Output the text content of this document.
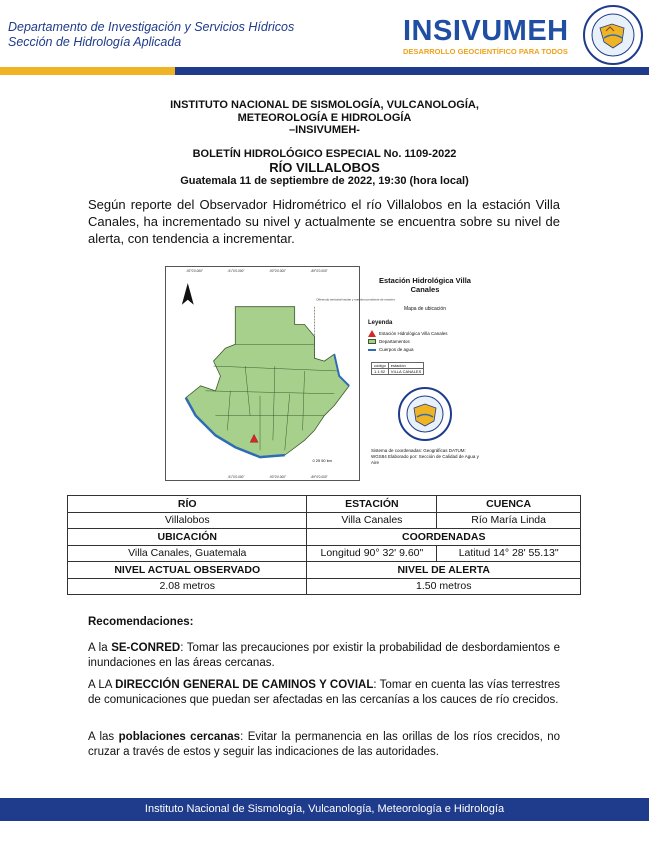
Departamento de Investigación y Servicios Hídricos
Sección de Hidrología Aplicada	INSIVUMEH
DESARROLLO GEOCIENTÍFICO PARA TODOS
INSTITUTO NACIONAL DE SISMOLOGÍA, VULCANOLOGÍA,
METEOROLOGÍA E HIDROLOGÍA
–INSIVUMEH-
BOLETÍN HIDROLÓGICO ESPECIAL No. 1109-2022
RÍO VILLALOBOS
Guatemala 11 de septiembre de 2022, 19:30 (hora local)

Según reporte del Observador Hidrométrico el río Villalobos en la estación Villa Canales, ha incrementado su nivel y actualmente se encuentra sobre su nivel de alerta, con tendencia a incrementar.

-92°0'0.000"	-91°0'0.000"	-90°0'0.000"	-89°0'0.000"
-91°0'0.000"	-90°0'0.000"	-89°0'0.000"
Diferendo territorial insular y marítimo pendiente de resolver
0 25 50 km
Estación Hidrológica Villa Canales
Mapa de ubicación
Leyenda
Estación Hidrológica Villa Canales
Departamentos
Cuerpos de agua
código	estación
1.1.92	VILLA CANALES
Sistema de coordenadas: Geográficas DATUM: WGS84 Elaborado por: Sección de Calidad de Agua y Aire
RÍO	ESTACIÓN	CUENCA
Villalobos	Villa Canales	Río María Linda
UBICACIÓN	COORDENADAS	
Villa Canales, Guatemala	Longitud 90° 32' 9.60"	Latitud 14° 28' 55.13"
NIVEL ACTUAL OBSERVADO	NIVEL DE ALERTA	
2.08 metros	1.50 metros	
Recomendaciones:

A la SE-CONRED: Tomar las precauciones por existir la probabilidad de desbordamientos e inundaciones en las áreas cercanas.

A LA DIRECCIÓN GENERAL DE CAMINOS Y COVIAL: Tomar en cuenta las vías terrestres de comunicaciones que puedan ser afectadas en las cercanías a los cauces de río crecidos.

A las poblaciones cercanas: Evitar la permanencia en las orillas de los ríos crecidos, no cruzar a través de estos y seguir las indicaciones de las autoridades.

Instituto Nacional de Sismología, Vulcanología, Meteorología e Hidrología
